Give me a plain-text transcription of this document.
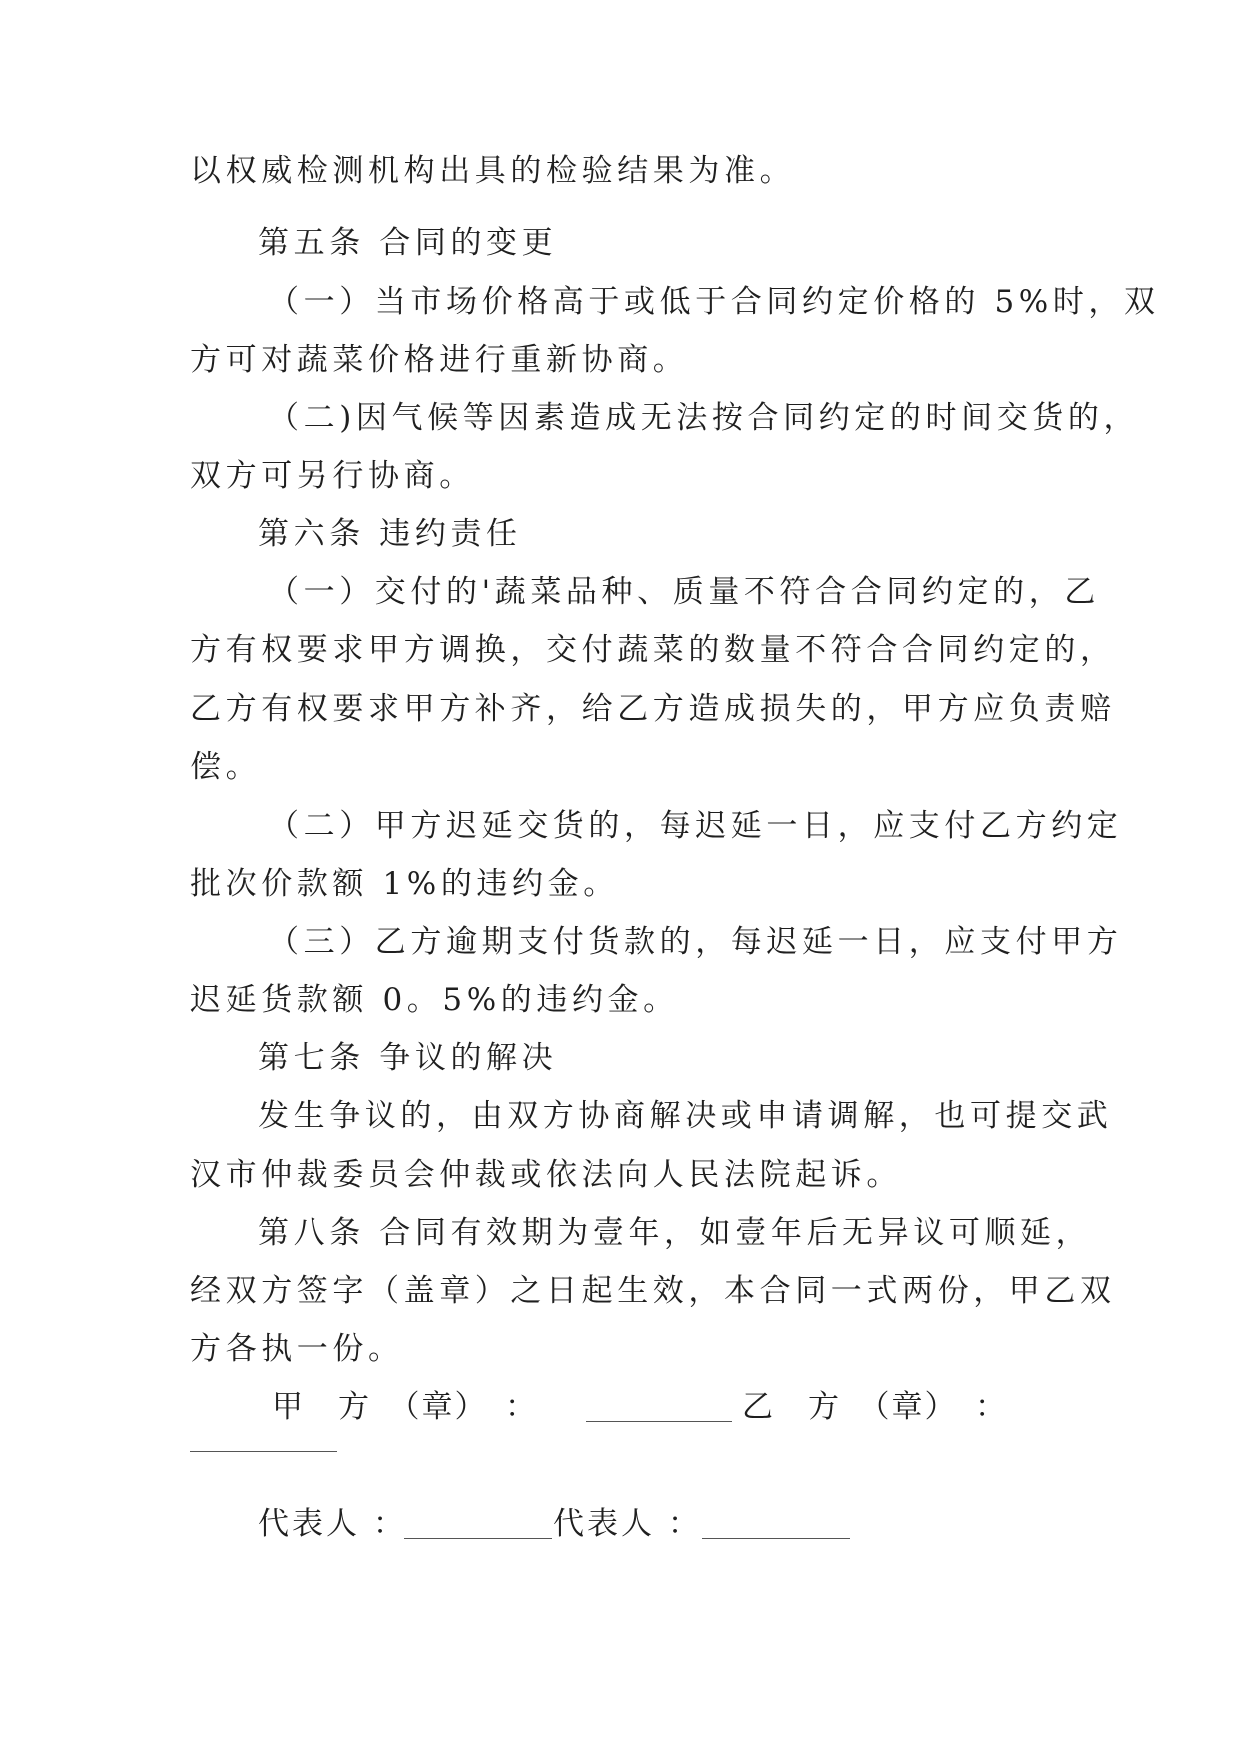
以权威检测机构出具的检验结果为准。
第五条 合同的变更
（一）当市场价格高于或低于合同约定价格的 5%时，双
方可对蔬菜价格进行重新协商。
（二)因气候等因素造成无法按合同约定的时间交货的，
双方可另行协商。
第六条 违约责任
（一）交付的'蔬菜品种、质量不符合合同约定的，乙
方有权要求甲方调换，交付蔬菜的数量不符合合同约定的，
乙方有权要求甲方补齐，给乙方造成损失的，甲方应负责赔
偿。
（二）甲方迟延交货的，每迟延一日，应支付乙方约定
批次价款额 1%的违约金。
（三）乙方逾期支付货款的，每迟延一日，应支付甲方
迟延货款额 0。5%的违约金。
第七条 争议的解决
发生争议的，由双方协商解决或申请调解，也可提交武
汉市仲裁委员会仲裁或依法向人民法院起诉。
第八条 合同有效期为壹年，如壹年后无异议可顺延，
经双方签字（盖章）之日起生效，本合同一式两份，甲乙双
方各执一份。
甲　方　（章）　：	乙　方　（章）　：
代表人 ：	代表人 ：
